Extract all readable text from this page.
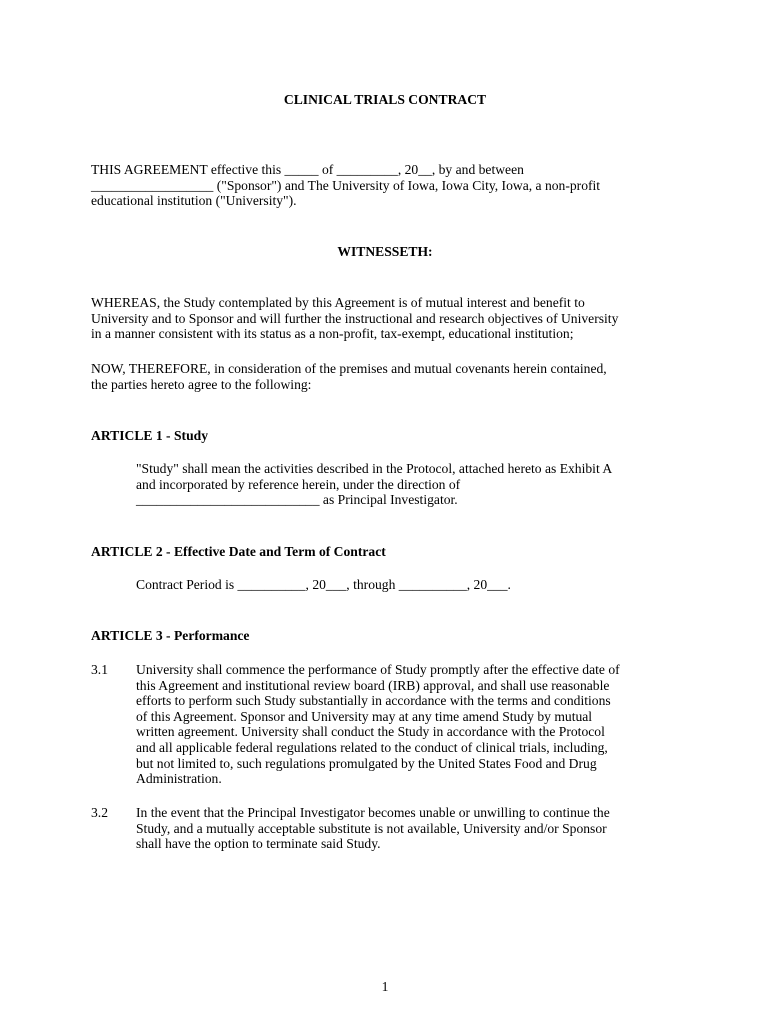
CLINICAL TRIALS CONTRACT
THIS AGREEMENT effective this _____ of _________, 20__, by and between
__________________ ("Sponsor") and The University of Iowa, Iowa City, Iowa, a non-profit
educational institution ("University").
WITNESSETH:
WHEREAS, the Study contemplated by this Agreement is of mutual interest and benefit to
University and to Sponsor and will further the instructional and research objectives of University
in a manner consistent with its status as a non-profit, tax-exempt, educational institution;
NOW, THEREFORE, in consideration of the premises and mutual covenants herein contained,
the parties hereto agree to the following:
ARTICLE 1 - Study
"Study" shall mean the activities described in the Protocol, attached hereto as Exhibit A
and incorporated by reference herein, under the direction of
___________________________ as Principal Investigator.
ARTICLE 2 - Effective Date and Term of Contract
Contract Period is __________, 20___, through __________, 20___.
ARTICLE 3 - Performance
3.1 University shall commence the performance of Study promptly after the effective date of
this Agreement and institutional review board (IRB) approval, and shall use reasonable
efforts to perform such Study substantially in accordance with the terms and conditions
of this Agreement. Sponsor and University may at any time amend Study by mutual
written agreement. University shall conduct the Study in accordance with the Protocol
and all applicable federal regulations related to the conduct of clinical trials, including,
but not limited to, such regulations promulgated by the United States Food and Drug
Administration.
3.2 In the event that the Principal Investigator becomes unable or unwilling to continue the
Study, and a mutually acceptable substitute is not available, University and/or Sponsor
shall have the option to terminate said Study.
1
